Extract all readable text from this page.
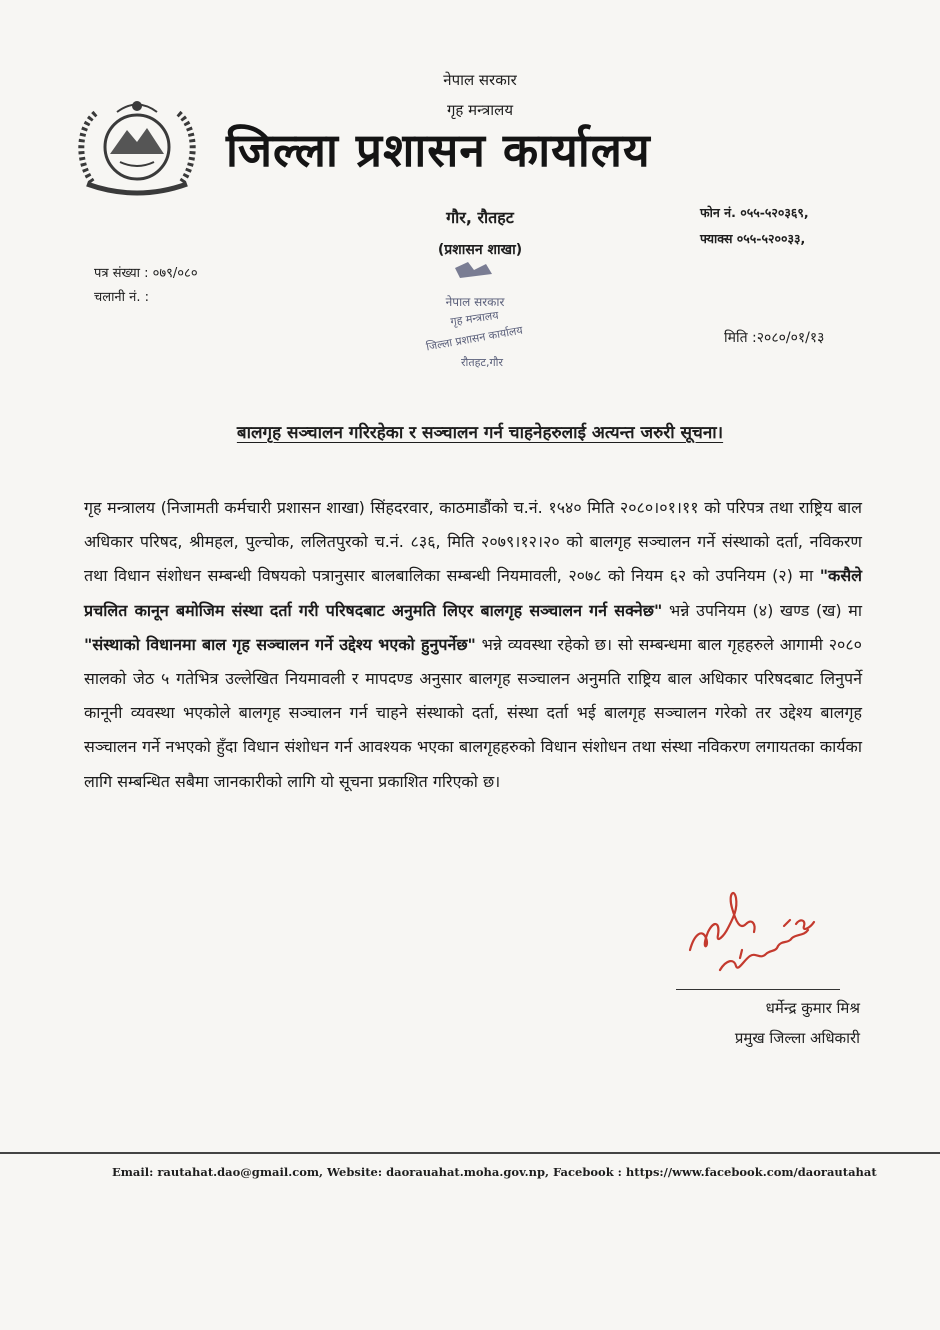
नेपाल सरकार
गृह मन्त्रालय
जिल्ला प्रशासन कार्यालय
गौर, रौतहट
(प्रशासन शाखा)
फोन नं. ०५५-५२०३६९,
फ्याक्स ०५५-५२००३३,
पत्र संख्या : ०७९/०८०
चलानी नं. :	नेपाल सरकार
गृह मन्त्रालय
जिल्ला प्रशासन कार्यालय
रौतहट,गौर
मिति :२०८०/०१/१३
बालगृह सञ्चालन गरिरहेका र सञ्चालन गर्न चाहनेहरुलाई अत्यन्त जरुरी सूचना।
गृह मन्त्रालय (निजामती कर्मचारी प्रशासन शाखा) सिंहदरवार, काठमाडौंको च.नं. १५४० मिति २०८०।०१।११ को परिपत्र तथा राष्ट्रिय बाल अधिकार परिषद, श्रीमहल, पुल्चोक, ललितपुरको च.नं. ८३६, मिति २०७९।१२।२० को बालगृह सञ्चालन गर्ने संस्थाको दर्ता, नविकरण तथा विधान संशोधन सम्बन्धी विषयको पत्रानुसार बालबालिका सम्बन्धी नियमावली, २०७८ को नियम ६२ को उपनियम (२) मा "कसैले प्रचलित कानून बमोजिम संस्था दर्ता गरी परिषदबाट अनुमति लिएर बालगृह सञ्चालन गर्न सक्नेछ" भन्ने उपनियम (४) खण्ड (ख) मा "संस्थाको विधानमा बाल गृह सञ्चालन गर्ने उद्देश्य भएको हुनुपर्नेछ" भन्ने व्यवस्था रहेको छ। सो सम्बन्धमा बाल गृहहरुले आगामी २०८० सालको जेठ ५ गतेभित्र उल्लेखित नियमावली र मापदण्ड अनुसार बालगृह सञ्चालन अनुमति राष्ट्रिय बाल अधिकार परिषदबाट लिनुपर्ने कानूनी व्यवस्था भएकोले बालगृह सञ्चालन गर्न चाहने संस्थाको दर्ता, संस्था दर्ता भई बालगृह सञ्चालन गरेको तर उद्देश्य बालगृह सञ्चालन गर्ने नभएको हुँदा विधान संशोधन गर्न आवश्यक भएका बालगृहहरुको विधान संशोधन तथा संस्था नविकरण लगायतका कार्यका लागि सम्बन्धित सबैमा जानकारीको लागि यो सूचना प्रकाशित गरिएको छ।
धर्मेन्द्र कुमार मिश्र
प्रमुख जिल्ला अधिकारी
Email: rautahat.dao@gmail.com, Website: daorauahat.moha.gov.np, Facebook : https://www.facebook.com/daorautahat
